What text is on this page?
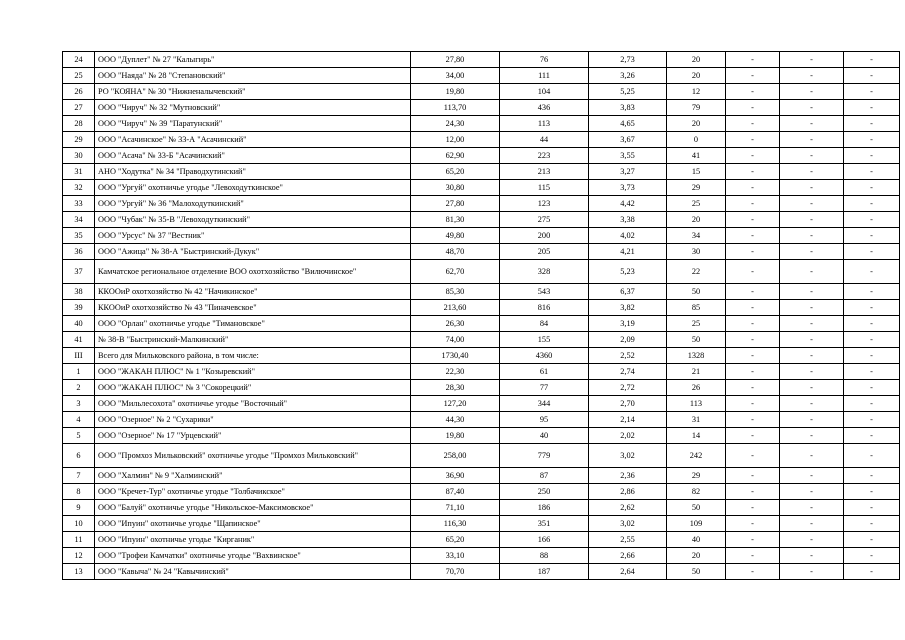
24	ООО "Дуплет" № 27 "Калыгирь"	27,80	76	2,73	20	-	-	-
25	ООО "Наяда" № 28 "Степановский"	34,00	111	3,26	20	-	-	-
26	РО "КОЯНА" № 30 "Нижненалычевский"	19,80	104	5,25	12	-	-	-
27	ООО "Чируч" № 32 "Мутновский"	113,70	436	3,83	79	-	-	-
28	ООО "Чируч" № 39 "Паратунский"	24,30	113	4,65	20	-	-	-
29	ООО "Асачинское" № 33-А "Асачинский"	12,00	44	3,67	0	-	-	-
30	ООО "Асача" № 33-Б "Асачинский"	62,90	223	3,55	41	-	-	-
31	АНО "Ходутка" № 34 "Праводхутинский"	65,20	213	3,27	15	-	-	-
32	ООО "Ургуй" охотничье угодье "Левоходуткинское"	30,80	115	3,73	29	-	-	-
33	ООО "Ургуй" № 36 "Малоходуткинский"	27,80	123	4,42	25	-	-	-
34	ООО "Чубак" № 35-В "Левоходуткинский"	81,30	275	3,38	20	-	-	-
35	ООО "Урсус" № 37 "Вестник"	49,80	200	4,02	34	-	-	-
36	ООО "Ажица" № 38-А "Быстринский-Дукук"	48,70	205	4,21	30	-	-	-
37	Камчатское региональное отделение ВОО охотхозяйство "Вилючинское"	62,70	328	5,23	22	-	-	-
38	ККООиР охотхозяйство № 42 "Начикинское"	85,30	543	6,37	50	-	-	-
39	ККООиР охотхозяйство № 43 "Пиначевское"	213,60	816	3,82	85	-	-	-
40	ООО "Орлан" охотничье угодье "Тимановское"	26,30	84	3,19	25	-	-	-
41	№ 38-В "Быстринский-Малкинский"	74,00	155	2,09	50	-	-	-
III	Всего для Мильковского района, в том числе:	1730,40	4360	2,52	1328	-	-	-
1	ООО "ЖАКАН ПЛЮС" № 1 "Козыревский"	22,30	61	2,74	21	-	-	-
2	ООО "ЖАКАН ПЛЮС" № 3 "Сокорецкий"	28,30	77	2,72	26	-	-	-
3	ООО "Мильлесохота" охотничье угодье "Восточный"	127,20	344	2,70	113	-	-	-
4	ООО "Озерное" № 2 "Сухарики"	44,30	95	2,14	31	-	-	-
5	ООО "Озерное" № 17 "Урцевский"	19,80	40	2,02	14	-	-	-
6	ООО "Промхоз Мильковский" охотничье угодье "Промхоз Мильковский"	258,00	779	3,02	242	-	-	-
7	ООО "Халмин" № 9 "Халминский"	36,90	87	2,36	29	-	-	-
8	ООО "Кречет-Тур" охотничье угодье "Толбачикское"	87,40	250	2,86	82	-	-	-
9	ООО "Балуй" охотничье угодье "Никольское-Максимовское"	71,10	186	2,62	50	-	-	-
10	ООО "Ипуин" охотничье угодье "Щапинское"	116,30	351	3,02	109	-	-	-
11	ООО "Ипуин" охотничье угодье "Кирганик"	65,20	166	2,55	40	-	-	-
12	ООО "Трофеи Камчатки" охотничье угодье "Вахвинское"	33,10	88	2,66	20	-	-	-
13	ООО "Кавыча" № 24 "Кавычинский"	70,70	187	2,64	50	-	-	-
